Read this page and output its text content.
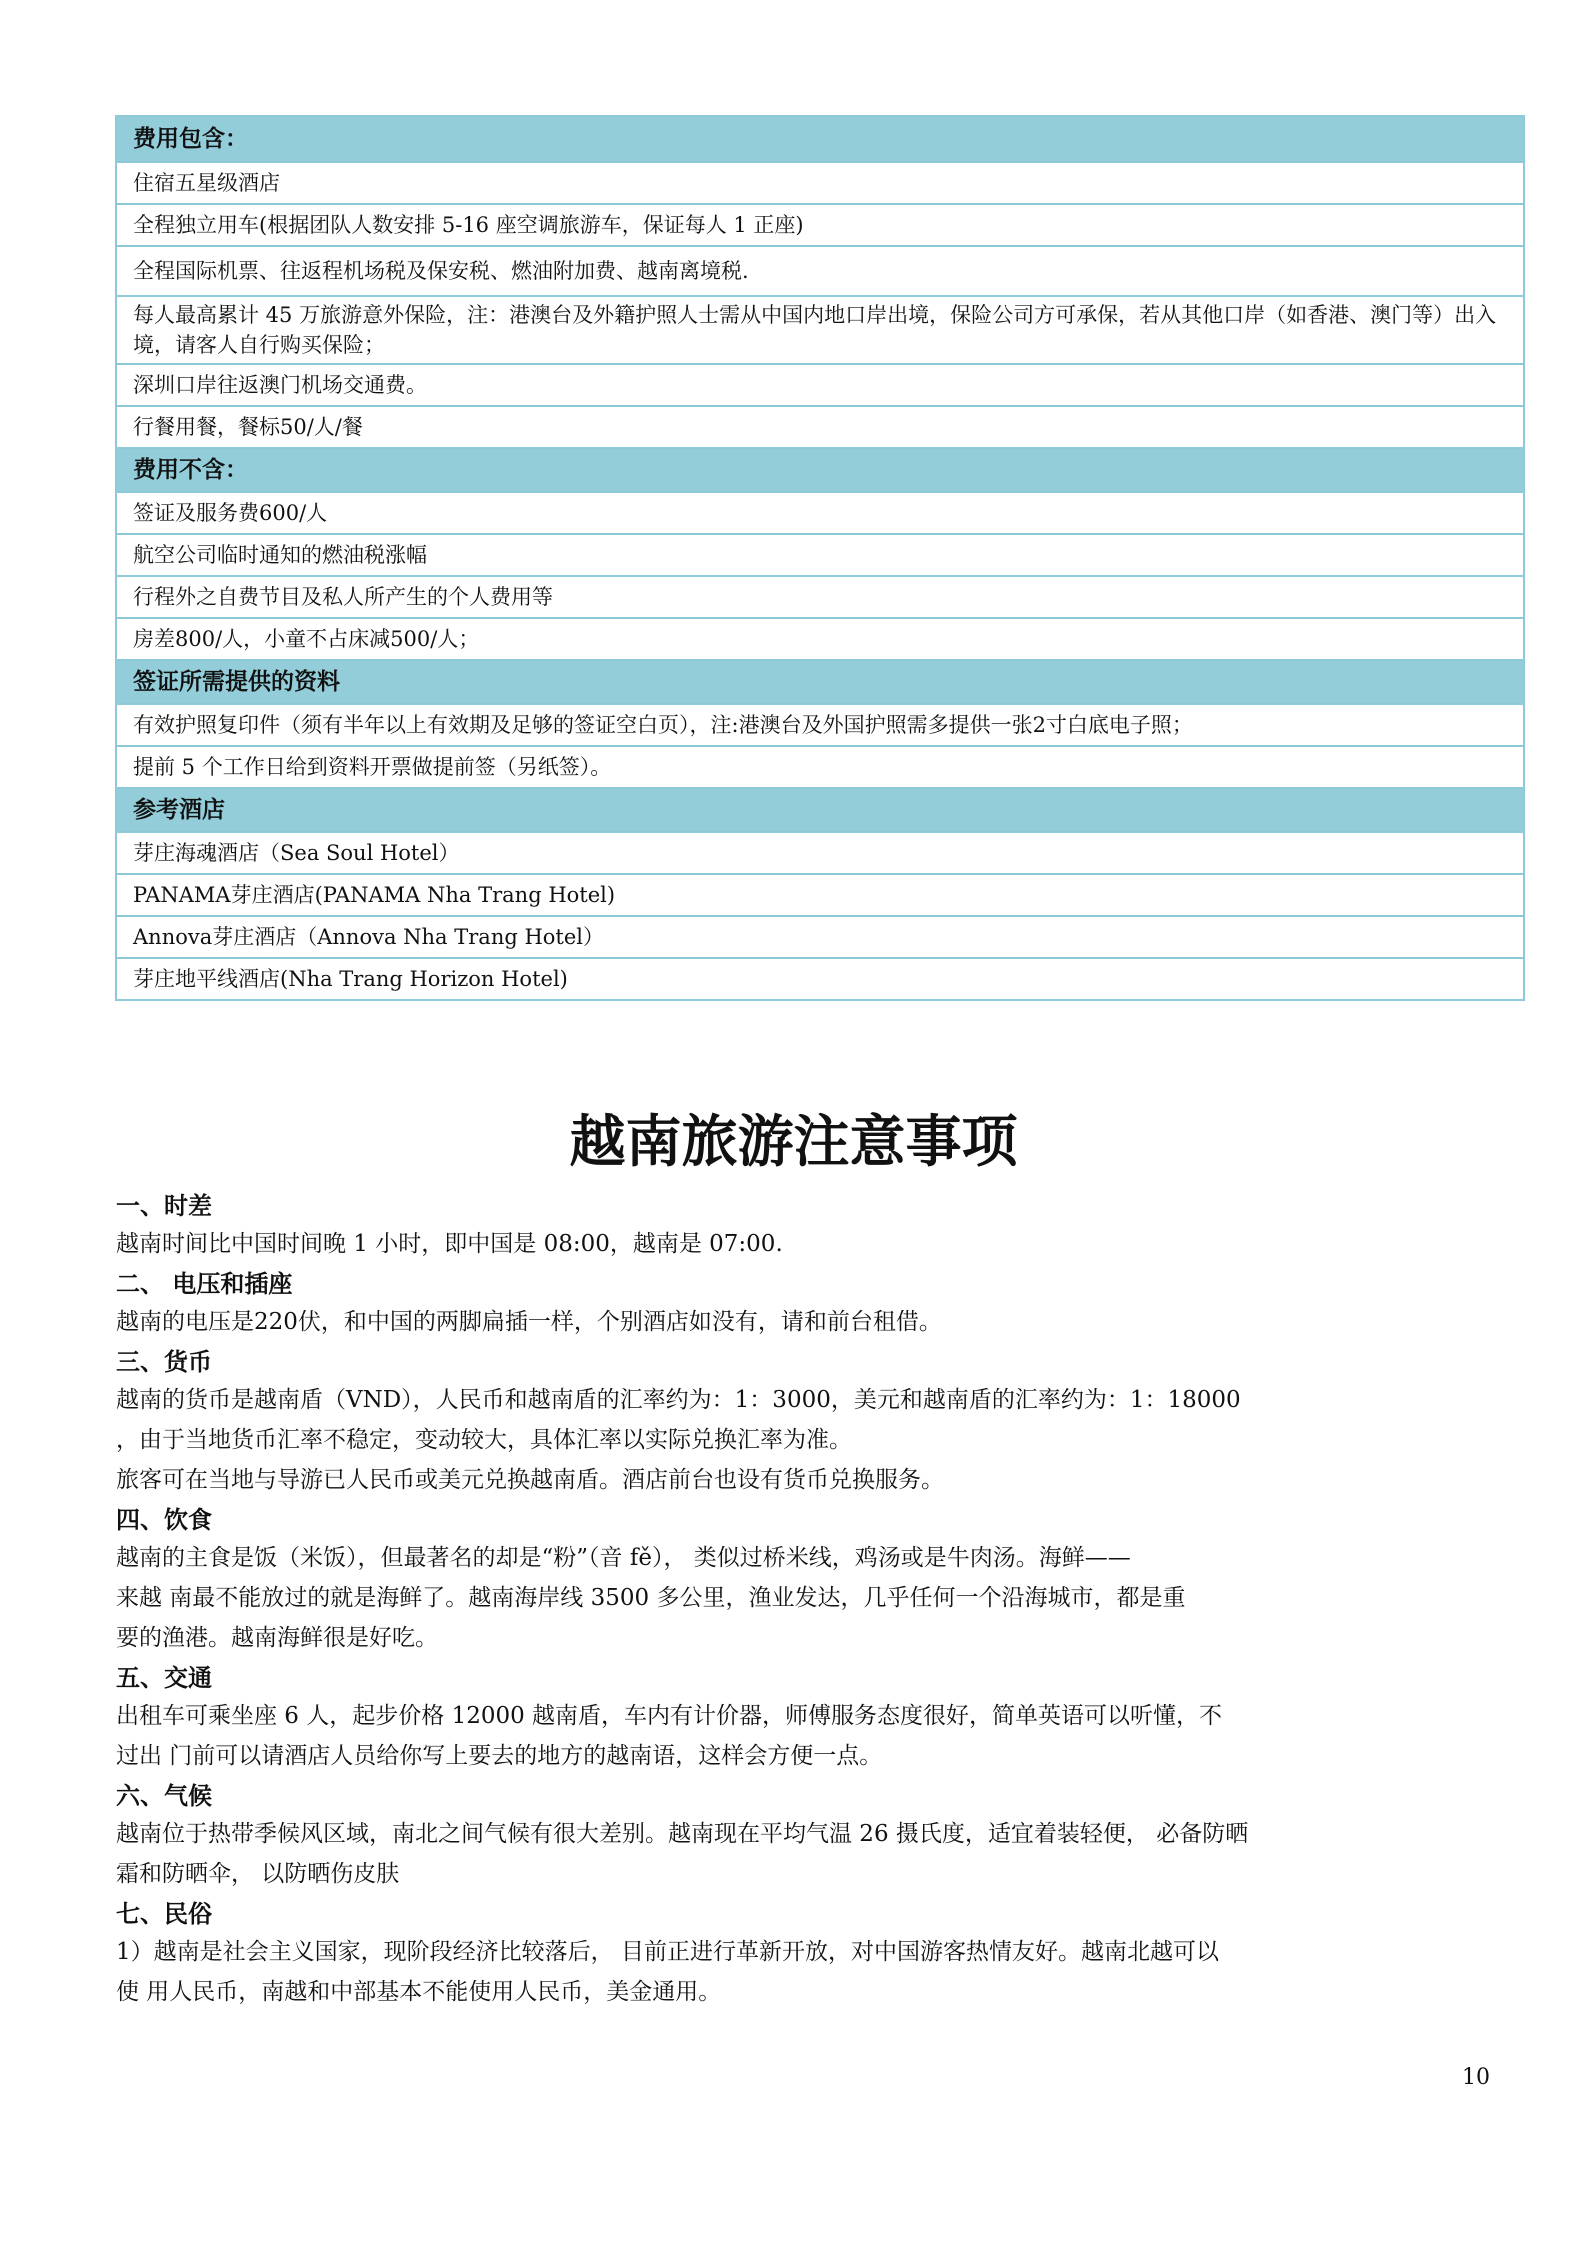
费用包含：
住宿五星级酒店
全程独立用车(根据团队人数安排 5-16 座空调旅游车，保证每人 1 正座)
全程国际机票、往返程机场税及保安税、燃油附加费、越南离境税.
每人最高累计 45 万旅游意外保险，注：港澳台及外籍护照人士需从中国内地口岸出境，保险公司方可承保，若从其他口岸（如香港、澳门等）出入境，请客人自行购买保险；
深圳口岸往返澳门机场交通费。
行餐用餐，餐标50/人/餐
费用不含：
签证及服务费600/人
航空公司临时通知的燃油税涨幅
行程外之自费节目及私人所产生的个人费用等
房差800/人，小童不占床减500/人；
签证所需提供的资料
有效护照复印件（须有半年以上有效期及足够的签证空白页），注:港澳台及外国护照需多提供一张2寸白底电子照；
提前 5 个工作日给到资料开票做提前签（另纸签）。
参考酒店
芽庄海魂酒店（Sea Soul Hotel）
PANAMA芽庄酒店(PANAMA Nha Trang Hotel)
Annova芽庄酒店（Annova Nha Trang Hotel）
芽庄地平线酒店(Nha Trang Horizon Hotel)
越南旅游注意事项

一、时差

越南时间比中国时间晚 1 小时，即中国是 08:00，越南是 07:00.

二、 电压和插座

越南的电压是220伏，和中国的两脚扁插一样，个别酒店如没有，请和前台租借。

三、货币

越南的货币是越南盾（VND），人民币和越南盾的汇率约为：1：3000，美元和越南盾的汇率约为：1：18000

，由于当地货币汇率不稳定，变动较大，具体汇率以实际兑换汇率为准。

旅客可在当地与导游已人民币或美元兑换越南盾。酒店前台也设有货币兑换服务。

四、饮食

越南的主食是饭（米饭），但最著名的却是“粉”（音 fě）， 类似过桥米线，鸡汤或是牛肉汤。海鲜——

来越 南最不能放过的就是海鲜了。越南海岸线 3500 多公里，渔业发达，几乎任何一个沿海城市，都是重

要的渔港。越南海鲜很是好吃。

五、交通

出租车可乘坐座 6 人，起步价格 12000 越南盾，车内有计价器，师傅服务态度很好，简单英语可以听懂，不

过出 门前可以请酒店人员给你写上要去的地方的越南语，这样会方便一点。

六、气候

越南位于热带季候风区域，南北之间气候有很大差别。越南现在平均气温 26 摄氏度，适宜着装轻便， 必备防晒

霜和防晒伞， 以防晒伤皮肤

七、民俗

1）越南是社会主义国家，现阶段经济比较落后， 目前正进行革新开放，对中国游客热情友好。越南北越可以

使 用人民币，南越和中部基本不能使用人民币，美金通用。

10
